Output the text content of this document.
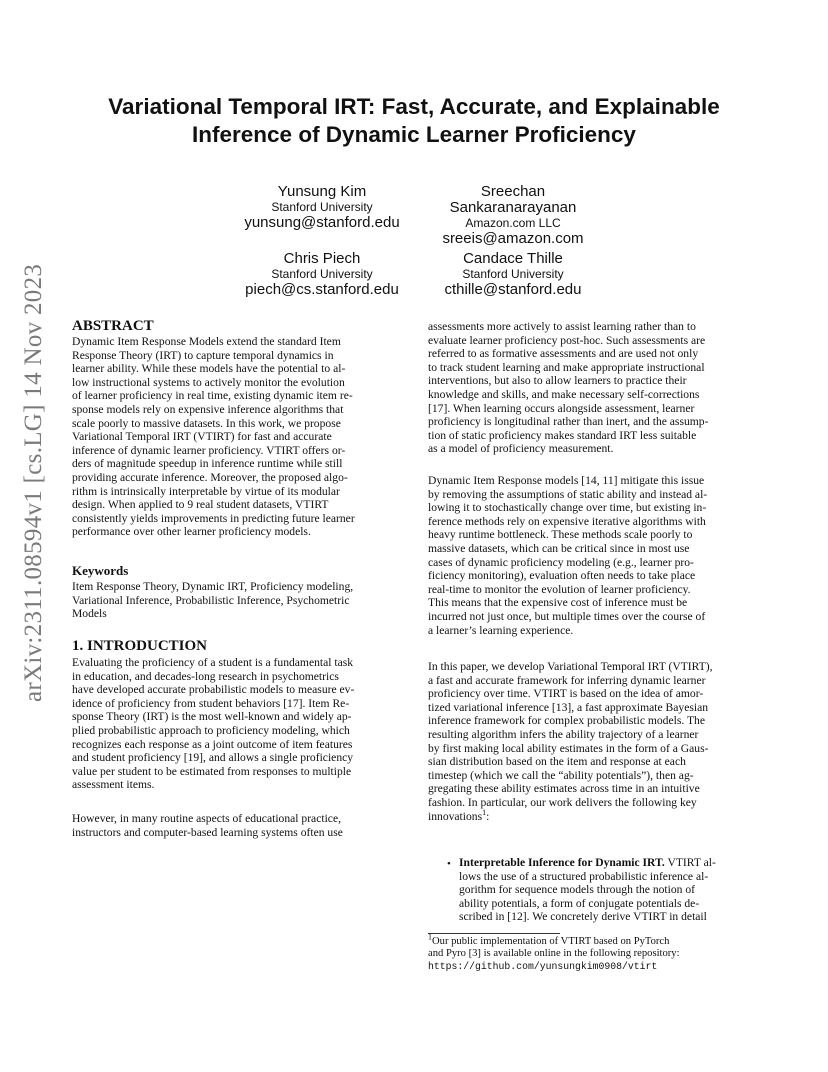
arXiv:2311.08594v1 [cs.LG] 14 Nov 2023
Variational Temporal IRT: Fast, Accurate, and Explainable
Inference of Dynamic Learner Proficiency
Yunsung Kim
Stanford University
yunsung@stanford.edu
Sreechan
Sankaranarayanan
Amazon.com LLC
sreeis@amazon.com
Chris Piech
Stanford University
piech@cs.stanford.edu
Candace Thille
Stanford University
cthille@stanford.edu
ABSTRACT
Dynamic Item Response Models extend the standard Item
Response Theory (IRT) to capture temporal dynamics in
learner ability. While these models have the potential to al-
low instructional systems to actively monitor the evolution
of learner proficiency in real time, existing dynamic item re-
sponse models rely on expensive inference algorithms that
scale poorly to massive datasets. In this work, we propose
Variational Temporal IRT (VTIRT) for fast and accurate
inference of dynamic learner proficiency. VTIRT offers or-
ders of magnitude speedup in inference runtime while still
providing accurate inference. Moreover, the proposed algo-
rithm is intrinsically interpretable by virtue of its modular
design. When applied to 9 real student datasets, VTIRT
consistently yields improvements in predicting future learner
performance over other learner proficiency models.
Keywords
Item Response Theory, Dynamic IRT, Proficiency modeling,
Variational Inference, Probabilistic Inference, Psychometric
Models
1. INTRODUCTION
Evaluating the proficiency of a student is a fundamental task
in education, and decades-long research in psychometrics
have developed accurate probabilistic models to measure ev-
idence of proficiency from student behaviors [17]. Item Re-
sponse Theory (IRT) is the most well-known and widely ap-
plied probabilistic approach to proficiency modeling, which
recognizes each response as a joint outcome of item features
and student proficiency [19], and allows a single proficiency
value per student to be estimated from responses to multiple
assessment items.
However, in many routine aspects of educational practice,
instructors and computer-based learning systems often use
assessments more actively to assist learning rather than to
evaluate learner proficiency post-hoc. Such assessments are
referred to as formative assessments and are used not only
to track student learning and make appropriate instructional
interventions, but also to allow learners to practice their
knowledge and skills, and make necessary self-corrections
[17]. When learning occurs alongside assessment, learner
proficiency is longitudinal rather than inert, and the assump-
tion of static proficiency makes standard IRT less suitable
as a model of proficiency measurement.
Dynamic Item Response models [14, 11] mitigate this issue
by removing the assumptions of static ability and instead al-
lowing it to stochastically change over time, but existing in-
ference methods rely on expensive iterative algorithms with
heavy runtime bottleneck. These methods scale poorly to
massive datasets, which can be critical since in most use
cases of dynamic proficiency modeling (e.g., learner pro-
ficiency monitoring), evaluation often needs to take place
real-time to monitor the evolution of learner proficiency.
This means that the expensive cost of inference must be
incurred not just once, but multiple times over the course of
a learner’s learning experience.
In this paper, we develop Variational Temporal IRT (VTIRT),
a fast and accurate framework for inferring dynamic learner
proficiency over time. VTIRT is based on the idea of amor-
tized variational inference [13], a fast approximate Bayesian
inference framework for complex probabilistic models. The
resulting algorithm infers the ability trajectory of a learner
by first making local ability estimates in the form of a Gaus-
sian distribution based on the item and response at each
timestep (which we call the “ability potentials”), then ag-
gregating these ability estimates across time in an intuitive
fashion. In particular, our work delivers the following key
innovations$^1$:
• Interpretable Inference for Dynamic IRT. VTIRT al-
lows the use of a structured probabilistic inference al-
gorithm for sequence models through the notion of
ability potentials, a form of conjugate potentials de-
scribed in [12]. We concretely derive VTIRT in detail
$^1$Our public implementation of VTIRT based on PyTorch
and Pyro [3] is available online in the following repository:
https://github.com/yunsungkim0908/vtirt
